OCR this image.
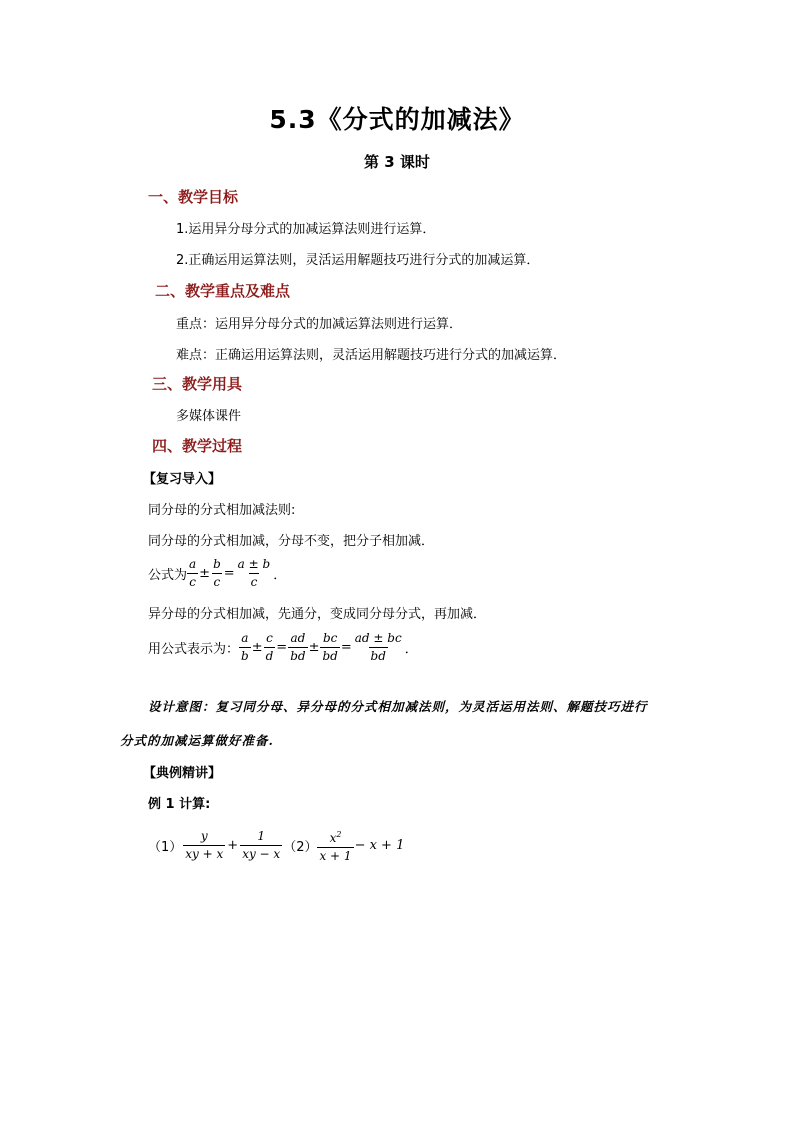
5.3《分式的加减法》
第 3 课时
一、教学目标
1.运用异分母分式的加减运算法则进行运算．
2.正确运用运算法则，灵活运用解题技巧进行分式的加减运算．
二、教学重点及难点
重点：运用异分母分式的加减运算法则进行运算．
难点：正确运用运算法则，灵活运用解题技巧进行分式的加减运算．
三、教学用具
多媒体课件
四、教学过程
【复习导入】
同分母的分式相加减法则:
同分母的分式相加减，分母不变，把分子相加减．
公式为 $\frac{a}{c} \pm \frac{b}{c} = \frac{a \pm b}{c}$ ．
异分母的分式相加减，先通分，变成同分母分式，再加减．
用公式表示为： $\frac{a}{b} \pm \frac{c}{d} = \frac{ad}{bd} \pm \frac{bc}{bd} = \frac{ad \pm bc}{bd}$ ．
设计意图：复习同分母、异分母的分式相加减法则，为灵活运用法则、解题技巧进行
分式的加减运算做好准备.
【典例精讲】
例 1 计算:
$(1) \frac{y}{xy + x} + \frac{1}{xy - x} (2) \frac{x^2}{x + 1} - x + 1$
